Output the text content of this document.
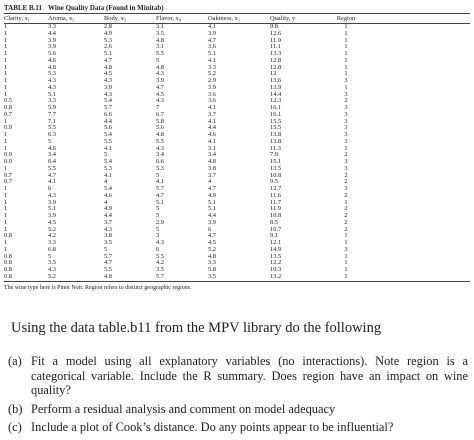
TABLE B.11 Wine Quality Data (Found in Minitab)
Clarity, x₁	Aroma, x₂	Body, x₃	Flavor, x₄	Oakiness, x₅	Quality, y	Region	
1	3.3	2.8	3.1	4.1	9.8	1	
1	4.4	4.9	3.5	3.9	12.6	1	
1	3.9	5.3	4.8	4.7	11.9	1	
1	3.9	2.6	3.1	3.6	11.1	1	
1	5.6	5.1	5.5	5.1	13.3	1	
1	4.6	4.7	5	4.1	12.8	1	
1	4.8	4.8	4.8	3.3	12.8	1	
1	5.3	4.5	4.3	5.2	12	1	
1	4.3	4.3	3.9	2.9	13.6	3	
1	4.3	3.9	4.7	3.9	13.9	1	
1	5.1	4.3	4.5	3.6	14.4	3	
0.5	3.3	5.4	4.3	3.6	12.3	2	
0.8	5.9	5.7	7	4.1	16.1	3	
0.7	7.7	6.6	6.7	3.7	16.1	3	
1	7.1	4.4	5.8	4.1	15.5	3	
0.9	5.5	5.6	5.6	4.4	15.5	3	
1	6.3	5.4	4.8	4.6	13.8	3	
1	5	5.5	5.5	4.1	13.8	3	
1	4.6	4.1	4.3	3.1	11.3	1	
0.9	3.4	5	3.4	3.4	7.9	2	
0.9	6.4	5.4	6.6	4.8	15.1	3	
1	5.5	5.3	5.3	3.8	13.5	3	
0.7	4.7	4.1	5	3.7	10.8	2	
0.7	4.1	4	4.1	4	9.5	2	
1	6	5.4	5.7	4.7	12.7	3	
1	4.3	4.6	4.7	4.9	11.6	2	
1	3.9	4	5.1	5.1	11.7	1	
1	5.1	4.9	5	5.1	11.9	2	
1	3.9	4.4	5	4.4	10.8	2	
1	4.5	3.7	2.9	3.9	8.5	2	
1	5.2	4.3	5	6	10.7	2	
0.8	4.2	3.8	3	4.7	9.1	1	
1	3.3	3.5	4.3	4.5	12.1	1	
1	6.8	5	6	5.2	14.9	3	
0.8	5	5.7	5.5	4.8	13.5	1	
0.8	3.5	4.7	4.2	3.3	12.2	1	
0.8	4.3	5.5	3.5	5.8	10.3	1	
0.8	5.2	4.8	5.7	3.5	13.2	1	
The wine type here is Pinot Noir. Region refers to distinct geographic regions.
Using the data table.b11 from the MPV library do the following
(a) Fit a model using all explanatory variables (no interactions). Note region is a categorical variable. Include the R summary. Does region have an impact on wine quality?
(b) Perform a residual analysis and comment on model adequacy
(c) Include a plot of Cook’s distance. Do any points appear to be influential?
